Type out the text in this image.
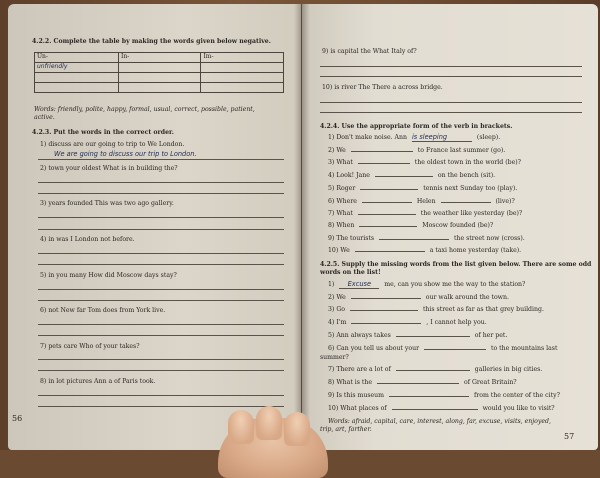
4.2.2. Complete the table by making the words given below negative.
Un-	In-	Im-
unfriendly		

Words: friendly, polite, happy, formal, usual, correct, possible, patient,
active.
4.2.3. Put the words in the correct order.
1) discuss are our going to trip to We London.
We are going to discuss our trip to London.
2) town your oldest What is in building the?
3) years founded This was two ago gallery.
4) in was I London not before.
5) in you many How did Moscow days stay?
6) not New far Tom does from York live.
7) pets care Who of your takes?
8) in lot pictures Ann a of Paris took.
56
9) is capital the What Italy of?
10) is river The There a across bridge.
4.2.4. Use the appropriate form of the verb in brackets.
1) Don't make noise. Ann is sleeping	(sleep).
2) We	to France last summer (go).
3) What	the oldest town in the world (be)?
4) Look! Jane	on the bench (sit).
5) Roger	tennis next Sunday too (play).
6) Where	Helen	(live)?
7) What	the weather like yesterday (be)?
8) When	Moscow founded (be)?
9) The tourists	the street now (cross).
10) We	a taxi home yesterday (take).
4.2.5. Supply the missing words from the list given below. There are some odd
words on the list!
1) Excuse me, can you show me the way to the station?
2) We	our walk around the town.
3) Go	this street as far as that grey building.
4) I'm	, I cannot help you.
5) Ann always takes	of her pet.
6) Can you tell us about your	to the mountains last
summer?
7) There are a lot of	galleries in big cities.
8) What is the	of Great Britain?
9) Is this museum	from the center of the city?
10) What places of	would you like to visit?
Words: afraid, capital, care, interest, along, far, excuse, visits, enjoyed,
trip, art, farther.
57
